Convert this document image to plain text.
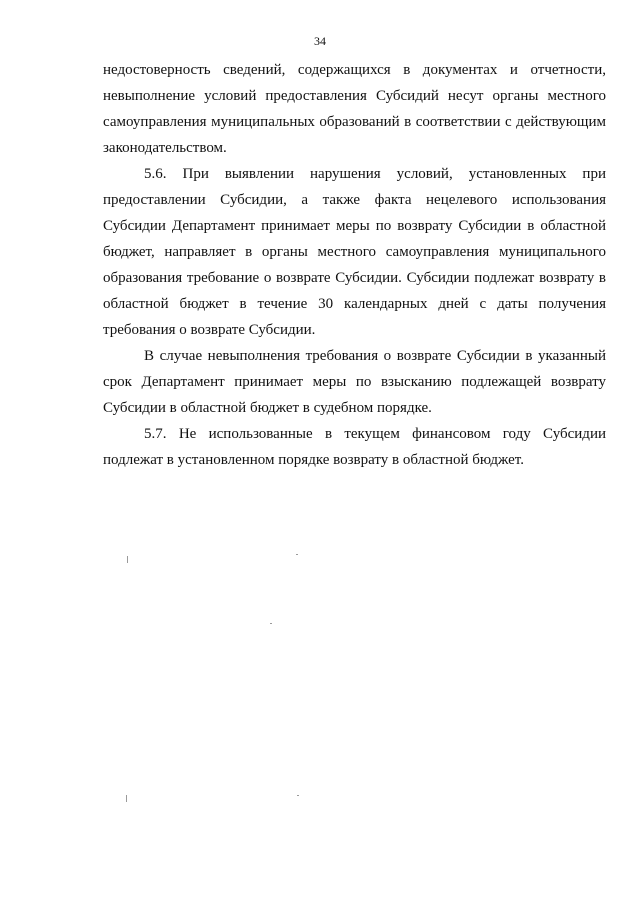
34

недостоверность сведений, содержащихся в документах и отчетности, невыполнение условий предоставления Субсидий несут органы местного самоуправления муниципальных образований в соответствии с действующим законодательством.

5.6. При выявлении нарушения условий, установленных при предоставлении Субсидии, а также факта нецелевого использования Субсидии Департамент принимает меры по возврату Субсидии в областной бюджет, направляет в органы местного самоуправления муниципального образования требование о возврате Субсидии. Субсидии подлежат возврату в областной бюджет в течение 30 календарных дней с даты получения требования о возврате Субсидии.

В случае невыполнения требования о возврате Субсидии в указанный срок Департамент принимает меры по взысканию подлежащей возврату Субсидии в областной бюджет в судебном порядке.

5.7. Не использованные в текущем финансовом году Субсидии подлежат в установленном порядке возврату в областной бюджет.
